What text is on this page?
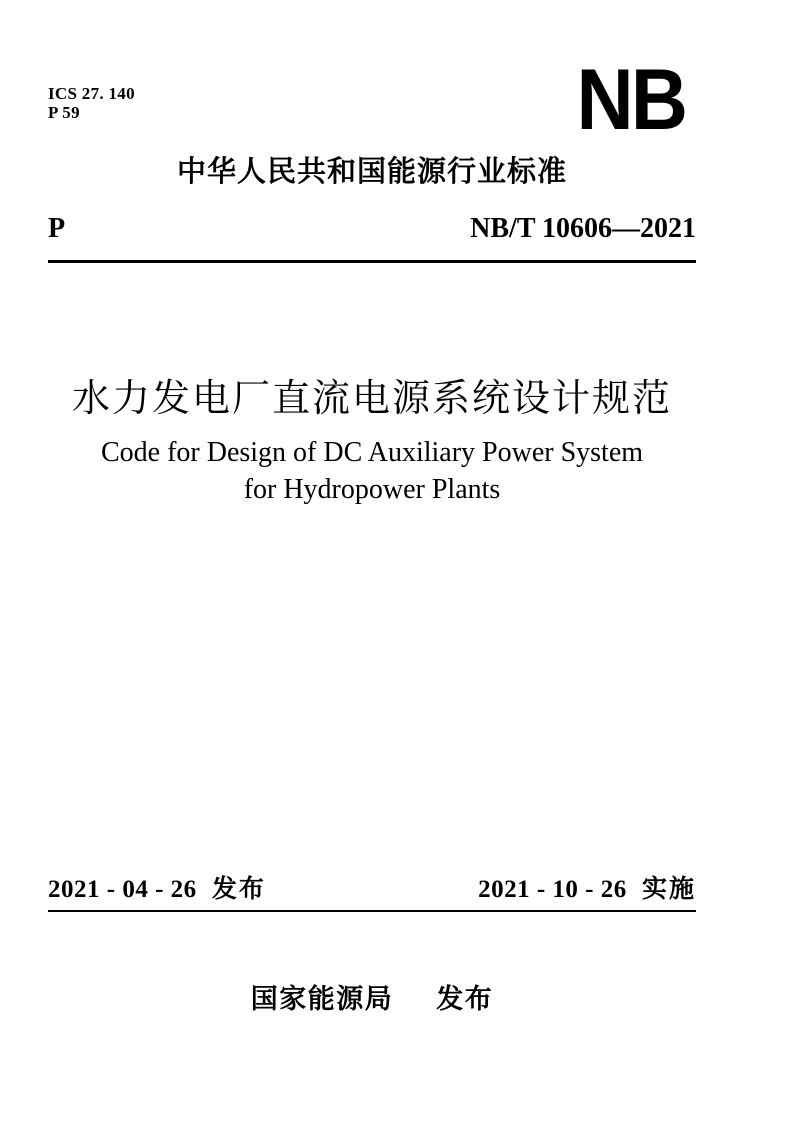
ICS 27. 140
P 59	NB
中华人民共和国能源行业标准
P	NB/T 10606—2021
水力发电厂直流电源系统设计规范
Code for Design of DC Auxiliary Power System
for Hydropower Plants
2021 - 04 - 26 发布	2021 - 10 - 26 实施
国家能源局 发布
